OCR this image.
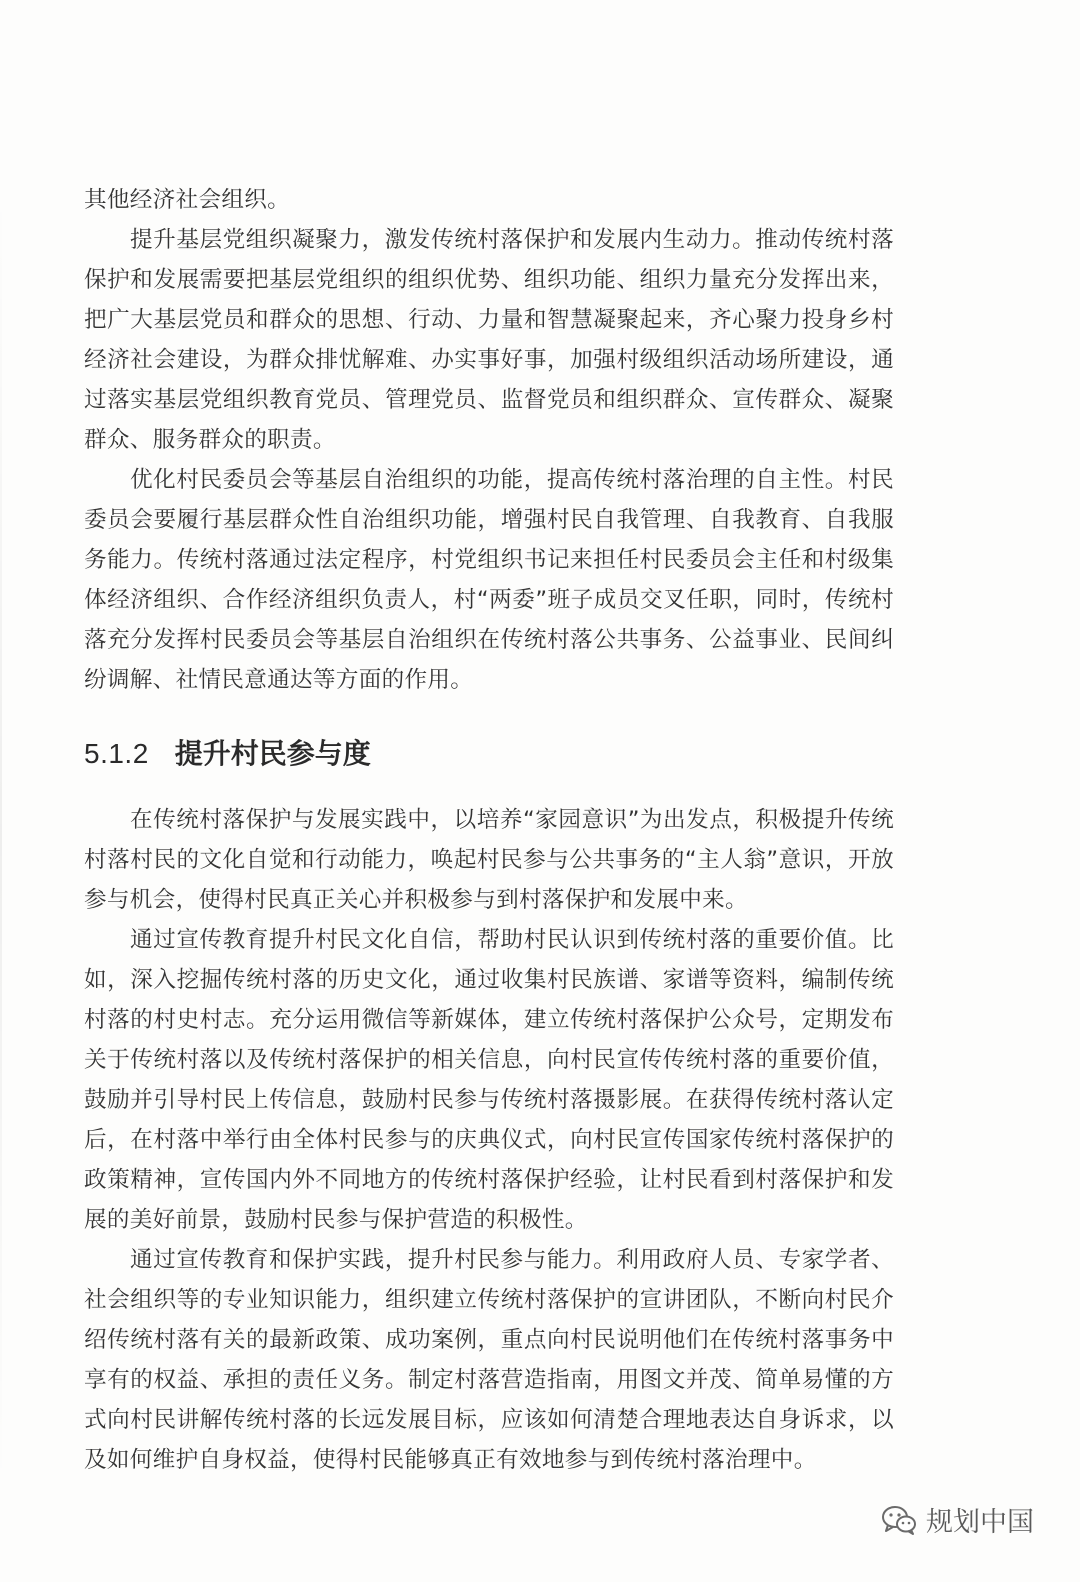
其他经济社会组织。

提升基层党组织凝聚力，激发传统村落保护和发展内生动力。推动传统村落保护和发展需要把基层党组织的组织优势、组织功能、组织力量充分发挥出来，把广大基层党员和群众的思想、行动、力量和智慧凝聚起来，齐心聚力投身乡村经济社会建设，为群众排忧解难、办实事好事，加强村级组织活动场所建设，通过落实基层党组织教育党员、管理党员、监督党员和组织群众、宣传群众、凝聚群众、服务群众的职责。

优化村民委员会等基层自治组织的功能，提高传统村落治理的自主性。村民委员会要履行基层群众性自治组织功能，增强村民自我管理、自我教育、自我服务能力。传统村落通过法定程序，村党组织书记来担任村民委员会主任和村级集体经济组织、合作经济组织负责人，村“两委”班子成员交叉任职，同时，传统村落充分发挥村民委员会等基层自治组织在传统村落公共事务、公益事业、民间纠纷调解、社情民意通达等方面的作用。

5.1.2 提升村民参与度

在传统村落保护与发展实践中，以培养“家园意识”为出发点，积极提升传统村落村民的文化自觉和行动能力，唤起村民参与公共事务的“主人翁”意识，开放参与机会，使得村民真正关心并积极参与到村落保护和发展中来。

通过宣传教育提升村民文化自信，帮助村民认识到传统村落的重要价值。比如，深入挖掘传统村落的历史文化，通过收集村民族谱、家谱等资料，编制传统村落的村史村志。充分运用微信等新媒体，建立传统村落保护公众号，定期发布关于传统村落以及传统村落保护的相关信息，向村民宣传传统村落的重要价值，鼓励并引导村民上传信息，鼓励村民参与传统村落摄影展。在获得传统村落认定后，在村落中举行由全体村民参与的庆典仪式，向村民宣传国家传统村落保护的政策精神，宣传国内外不同地方的传统村落保护经验，让村民看到村落保护和发展的美好前景，鼓励村民参与保护营造的积极性。

通过宣传教育和保护实践，提升村民参与能力。利用政府人员、专家学者、社会组织等的专业知识能力，组织建立传统村落保护的宣讲团队，不断向村民介绍传统村落有关的最新政策、成功案例，重点向村民说明他们在传统村落事务中享有的权益、承担的责任义务。制定村落营造指南，用图文并茂、简单易懂的方式向村民讲解传统村落的长远发展目标，应该如何清楚合理地表达自身诉求，以及如何维护自身权益，使得村民能够真正有效地参与到传统村落治理中。

规划中国
